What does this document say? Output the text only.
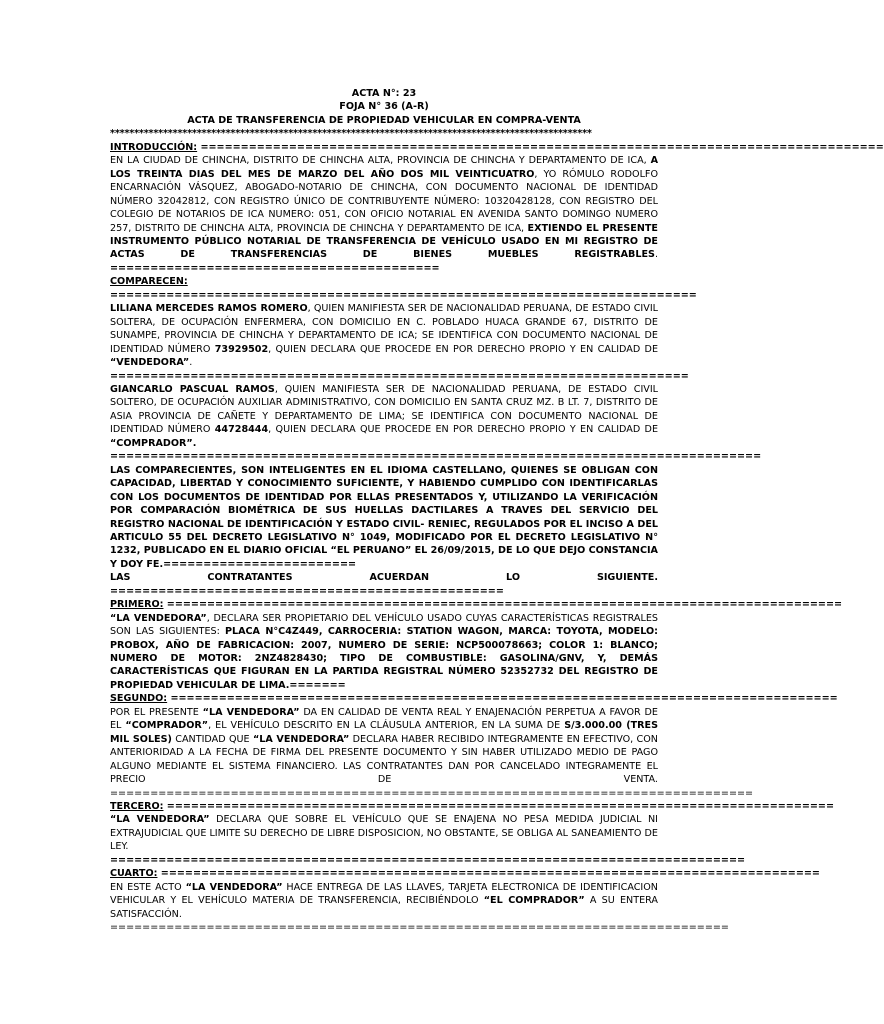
ACTA N°: 23
FOJA N° 36 (A-R)
ACTA DE TRANSFERENCIA DE PROPIEDAD VEHICULAR EN COMPRA-VENTA
****************************************************************************************************
INTRODUCCIÓN: =====================================================================================
EN LA CIUDAD DE CHINCHA, DISTRITO DE CHINCHA ALTA, PROVINCIA DE CHINCHA Y DEPARTAMENTO DE ICA, A LOS TREINTA DIAS DEL MES DE MARZO DEL AÑO DOS MIL VEINTICUATRO, YO RÓMULO RODOLFO ENCARNACIÓN VÁSQUEZ, ABOGADO-NOTARIO DE CHINCHA, CON DOCUMENTO NACIONAL DE IDENTIDAD NÚMERO 32042812, CON REGISTRO ÚNICO DE CONTRIBUYENTE NÚMERO: 10320428128, CON REGISTRO DEL COLEGIO DE NOTARIOS DE ICA NUMERO: 051, CON OFICIO NOTARIAL EN AVENIDA SANTO DOMINGO NUMERO 257, DISTRITO DE CHINCHA ALTA, PROVINCIA DE CHINCHA Y DEPARTAMENTO DE ICA, EXTIENDO EL PRESENTE INSTRUMENTO PÚBLICO NOTARIAL DE TRANSFERENCIA DE VEHÍCULO USADO EN MI REGISTRO DE ACTAS DE TRANSFERENCIAS DE BIENES MUEBLES REGISTRABLES.
=========================================
COMPARECEN:
=========================================================================
LILIANA MERCEDES RAMOS ROMERO, QUIEN MANIFIESTA SER DE NACIONALIDAD PERUANA, DE ESTADO CIVIL SOLTERA, DE OCUPACIÓN ENFERMERA, CON DOMICILIO EN C. POBLADO HUACA GRANDE 67, DISTRITO DE SUNAMPE, PROVINCIA DE CHINCHA Y DEPARTAMENTO DE ICA; SE IDENTIFICA CON DOCUMENTO NACIONAL DE IDENTIDAD NÚMERO 73929502, QUIEN DECLARA QUE PROCEDE EN POR DERECHO PROPIO Y EN CALIDAD DE “VENDEDORA”.
========================================================================
GIANCARLO PASCUAL RAMOS, QUIEN MANIFIESTA SER DE NACIONALIDAD PERUANA, DE ESTADO CIVIL SOLTERO, DE OCUPACIÓN AUXILIAR ADMINISTRATIVO, CON DOMICILIO EN SANTA CRUZ MZ. B LT. 7, DISTRITO DE ASIA PROVINCIA DE CAÑETE Y DEPARTAMENTO DE LIMA; SE IDENTIFICA CON DOCUMENTO NACIONAL DE IDENTIDAD NÚMERO 44728444, QUIEN DECLARA QUE PROCEDE EN POR DERECHO PROPIO Y EN CALIDAD DE “COMPRADOR”. =================================================================================
LAS COMPARECIENTES, SON INTELIGENTES EN EL IDIOMA CASTELLANO, QUIENES SE OBLIGAN CON CAPACIDAD, LIBERTAD Y CONOCIMIENTO SUFICIENTE, Y HABIENDO CUMPLIDO CON IDENTIFICARLAS CON LOS DOCUMENTOS DE IDENTIDAD POR ELLAS PRESENTADOS Y, UTILIZANDO LA VERIFICACIÓN POR COMPARACIÓN BIOMÉTRICA DE SUS HUELLAS DACTILARES A TRAVES DEL SERVICIO DEL REGISTRO NACIONAL DE IDENTIFICACIÓN Y ESTADO CIVIL- RENIEC, REGULADOS POR EL INCISO A DEL ARTICULO 55 DEL DECRETO LEGISLATIVO N° 1049, MODIFICADO POR EL DECRETO LEGISLATIVO N° 1232, PUBLICADO EN EL DIARIO OFICIAL “EL PERUANO” EL 26/09/2015, DE LO QUE DEJO CONSTANCIA Y DOY FE.========================
LAS CONTRATANTES ACUERDAN LO SIGUIENTE.
=================================================
PRIMERO: ====================================================================================
“LA VENDEDORA”, DECLARA SER PROPIETARIO DEL VEHÍCULO USADO CUYAS CARACTERÍSTICAS REGISTRALES SON LAS SIGUIENTES: PLACA N°C4Z449, CARROCERIA: STATION WAGON, MARCA: TOYOTA, MODELO: PROBOX, AÑO DE FABRICACION: 2007, NUMERO DE SERIE: NCP500078663; COLOR 1: BLANCO; NUMERO DE MOTOR: 2NZ4828430; TIPO DE COMBUSTIBLE: GASOLINA/GNV, Y, DEMÁS CARACTERÍSTICAS QUE FIGURAN EN LA PARTIDA REGISTRAL NÚMERO 52352732 DEL REGISTRO DE PROPIEDAD VEHICULAR DE LIMA.=======
SEGUNDO: ===================================================================================
POR EL PRESENTE “LA VENDEDORA” DA EN CALIDAD DE VENTA REAL Y ENAJENACIÓN PERPETUA A FAVOR DE EL “COMPRADOR”, EL VEHÍCULO DESCRITO EN LA CLÁUSULA ANTERIOR, EN LA SUMA DE S/3.000.00 (TRES MIL SOLES) CANTIDAD QUE “LA VENDEDORA” DECLARA HABER RECIBIDO INTEGRAMENTE EN EFECTIVO, CON ANTERIORIDAD A LA FECHA DE FIRMA DEL PRESENTE DOCUMENTO Y SIN HABER UTILIZADO MEDIO DE PAGO ALGUNO MEDIANTE EL SISTEMA FINANCIERO. LAS CONTRATANTES DAN POR CANCELADO INTEGRAMENTE EL PRECIO DE VENTA. ================================================================================
TERCERO: ===================================================================================
“LA VENDEDORA” DECLARA QUE SOBRE EL VEHÍCULO QUE SE ENAJENA NO PESA MEDIDA JUDICIAL NI EXTRAJUDICIAL QUE LIMITE SU DERECHO DE LIBRE DISPOSICION, NO OBSTANTE, SE OBLIGA AL SANEAMIENTO DE LEY.
===============================================================================
CUARTO: ==================================================================================
EN ESTE ACTO “LA VENDEDORA” HACE ENTREGA DE LAS LLAVES, TARJETA ELECTRONICA DE IDENTIFICACION VEHICULAR Y EL VEHÍCULO MATERIA DE TRANSFERENCIA, RECIBIÉNDOLO “EL COMPRADOR” A SU ENTERA SATISFACCIÓN. =============================================================================
